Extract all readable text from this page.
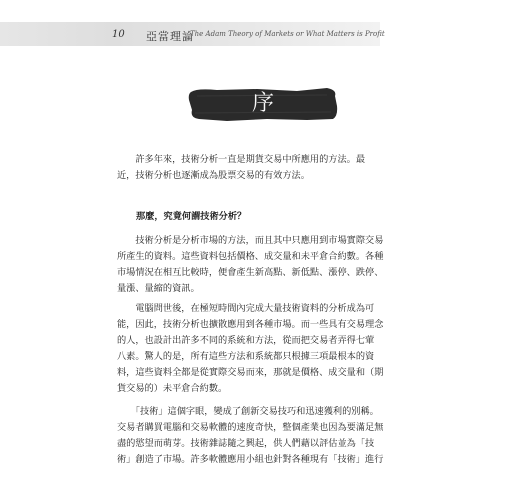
10 亞當理論
The Adam Theory of Markets or What Matters is Profit
序
　　許多年來，技術分析一直是期貨交易中所應用的方法。最
近，技術分析也逐漸成為股票交易的有效方法。
那麼，究竟何謂技術分析？
　　技術分析是分析市場的方法，而且其中只應用到市場實際交易
所產生的資料。這些資料包括價格、成交量和未平倉合約數。各種
市場情況在相互比較時，便會產生新高點、新低點、漲停、跌停、
量漲、量縮的資訊。
　　電腦問世後，在極短時間內完成大量技術資料的分析成為可
能，因此，技術分析也擴散應用到各種市場。而一些具有交易理念
的人，也設計出許多不同的系統和方法，從而把交易者弄得七葷
八素。驚人的是，所有這些方法和系統都只根據三項最根本的資
料，這些資料全都是從實際交易而來，那就是價格、成交量和（期
貨交易的）未平倉合約數。
　　「技術」這個字眼，變成了創新交易技巧和迅速獲利的別稱。
交易者購買電腦和交易軟體的速度奇快，整個產業也因為要滿足無
盡的慾望而萌芽。技術雜誌隨之興起，供人們藉以評估並為「技
術」創造了市場。許多軟體應用小組也針對各種現有「技術」進行
